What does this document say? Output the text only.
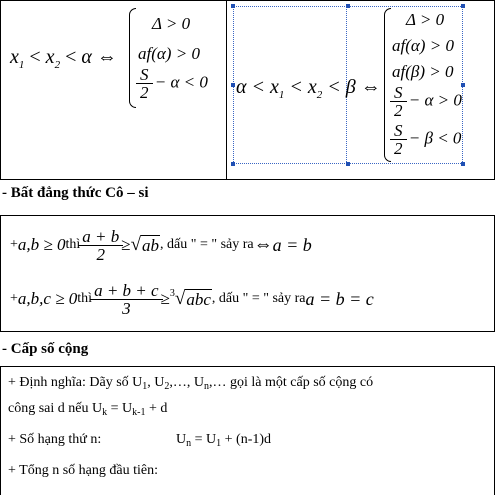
$x_1 < x_2 < \alpha$ ⇔
Δ > 0
af(α) > 0
$\frac{S}{2} - \alpha < 0$ $\alpha < x_1 < x_2 < \beta$ ⇔
Δ > 0
af(α) > 0
af(β) > 0
$\frac{S}{2} - \alpha > 0$
$\frac{S}{2} - \beta < 0$
- Bất đẳng thức Cô – si
+ a,b ≥ 0 thì $\frac{a + b}{2}$ ≥ √ ab , dấu " = " sảy ra ⇔ a = b
+ a,b,c ≥ 0 thì $\frac{a + b + c}{3} \ge 3$ √ abc , dấu " = " sảy ra a = b = c
- Cấp số cộng
+ Định nghĩa: Dãy số $U_1$, $U_2,\dots$, $U_n,\dots$ gọi là một cấp số cộng có
công sai d nếu $U_k = U_{k-1} + d$
+ Số hạng thứ n:	$U_n = U_1 + (n-1)d$
+ Tổng n số hạng đầu tiên:
